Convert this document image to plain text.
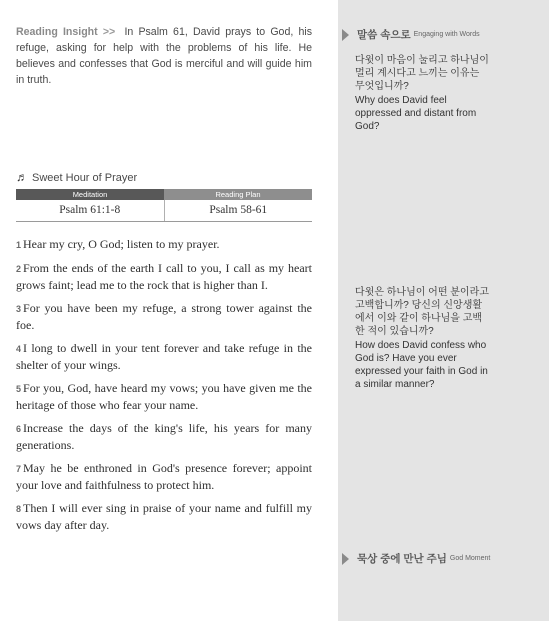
Reading Insight >> In Psalm 61, David prays to God, his refuge, asking for help with the problems of his life. He believes and confesses that God is merciful and will guide him in truth.

♬ Sweet Hour of Prayer
Meditation	Reading Plan
Psalm 61:1-8	Psalm 58-61

1 Hear my cry, O God; listen to my prayer.

2 From the ends of the earth I call to you, I call as my heart grows faint; lead me to the rock that is higher than I.

3 For you have been my refuge, a strong tower against the foe.

4 I long to dwell in your tent forever and take refuge in the shelter of your wings.

5 For you, God, have heard my vows; you have given me the heritage of those who fear your name.

6 Increase the days of the king's life, his years for many generations.

7 May he be enthroned in God's presence forever; appoint your love and faithfulness to protect him.

8 Then I will ever sing in praise of your name and fulfill my vows day after day.

말씀 속으로 Engaging with Words

다윗이 마음이 눌리고 하나님이 멀리 계시다고 느끼는 이유는 무엇입니까?

Why does David feel oppressed and distant from God?

다윗은 하나님이 어떤 분이라고 고백합니까? 당신의 신앙생활에서 이와 같이 하나님을 고백한 적이 있습니까?

How does David confess who God is? Have you ever expressed your faith in God in a similar manner?

묵상 중에 만난 주님 God Moment
